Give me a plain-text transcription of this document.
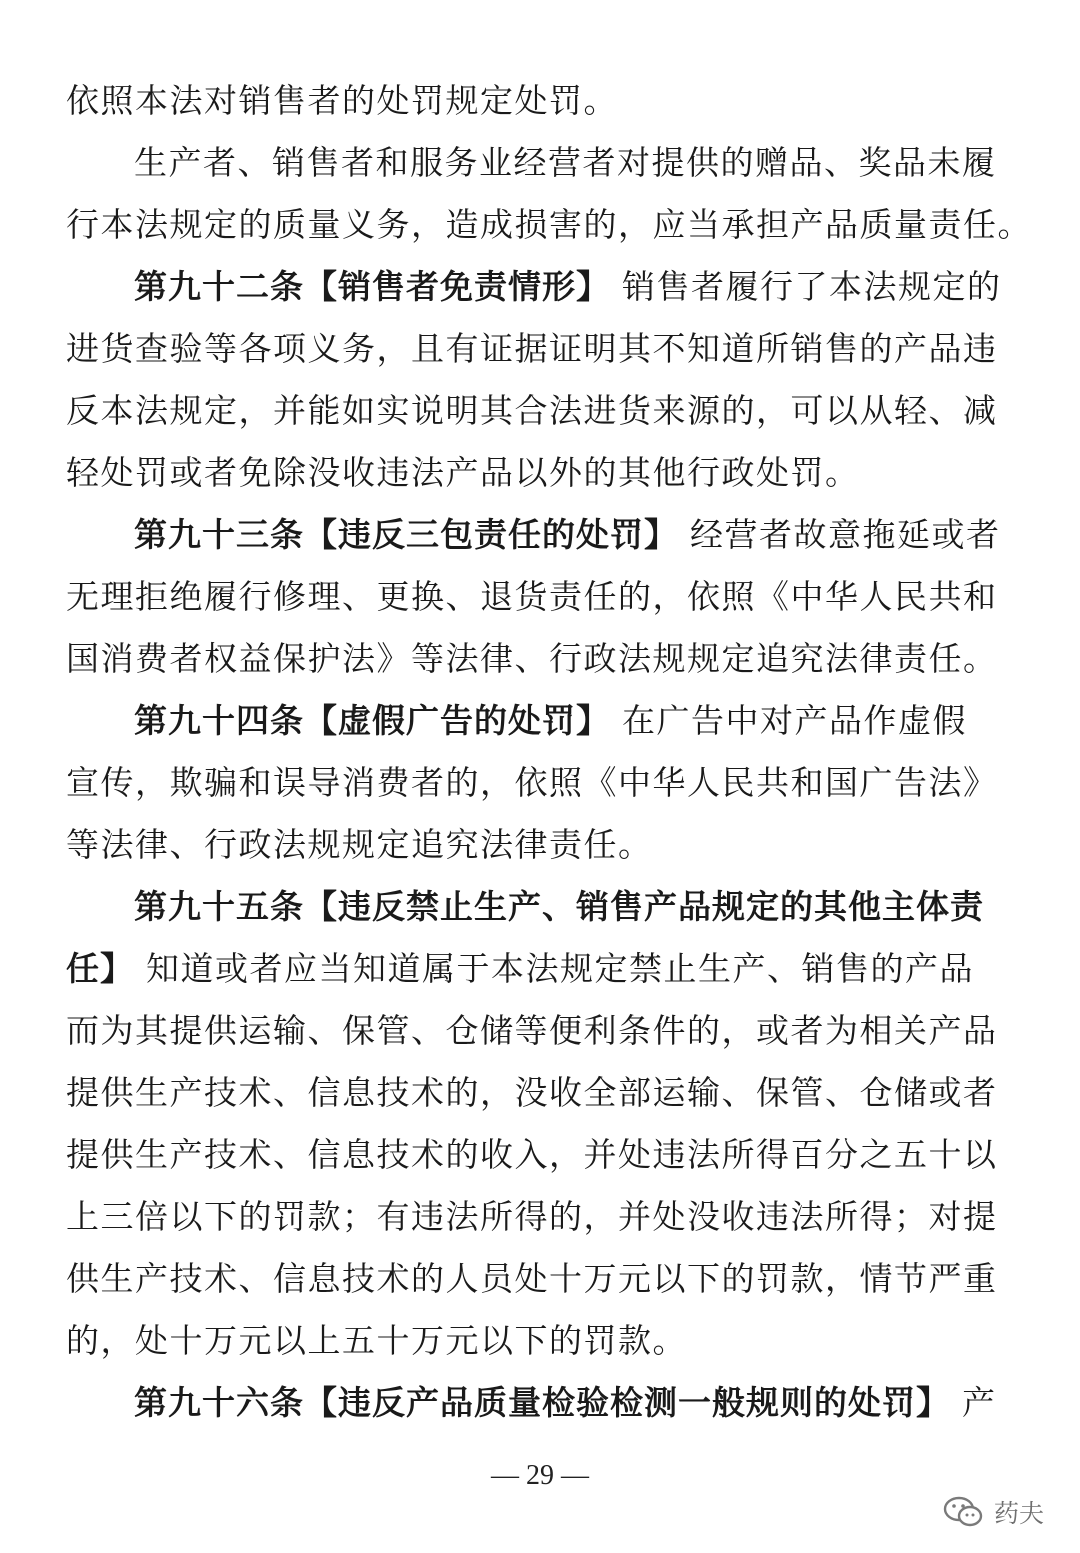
依照本法对销售者的处罚规定处罚。
生产者、销售者和服务业经营者对提供的赠品、奖品未履
行本法规定的质量义务，造成损害的，应当承担产品质量责任。
第九十二条【销售者免责情形】 销售者履行了本法规定的
进货查验等各项义务，且有证据证明其不知道所销售的产品违
反本法规定，并能如实说明其合法进货来源的，可以从轻、减
轻处罚或者免除没收违法产品以外的其他行政处罚。
第九十三条【违反三包责任的处罚】 经营者故意拖延或者
无理拒绝履行修理、更换、退货责任的，依照《中华人民共和
国消费者权益保护法》等法律、行政法规规定追究法律责任。
第九十四条【虚假广告的处罚】 在广告中对产品作虚假
宣传，欺骗和误导消费者的，依照《中华人民共和国广告法》
等法律、行政法规规定追究法律责任。
第九十五条【违反禁止生产、销售产品规定的其他主体责
任】 知道或者应当知道属于本法规定禁止生产、销售的产品
而为其提供运输、保管、仓储等便利条件的，或者为相关产品
提供生产技术、信息技术的，没收全部运输、保管、仓储或者
提供生产技术、信息技术的收入，并处违法所得百分之五十以
上三倍以下的罚款；有违法所得的，并处没收违法所得；对提
供生产技术、信息技术的人员处十万元以下的罚款，情节严重
的，处十万元以上五十万元以下的罚款。
第九十六条【违反产品质量检验检测一般规则的处罚】 产
— 29 —
药夫
